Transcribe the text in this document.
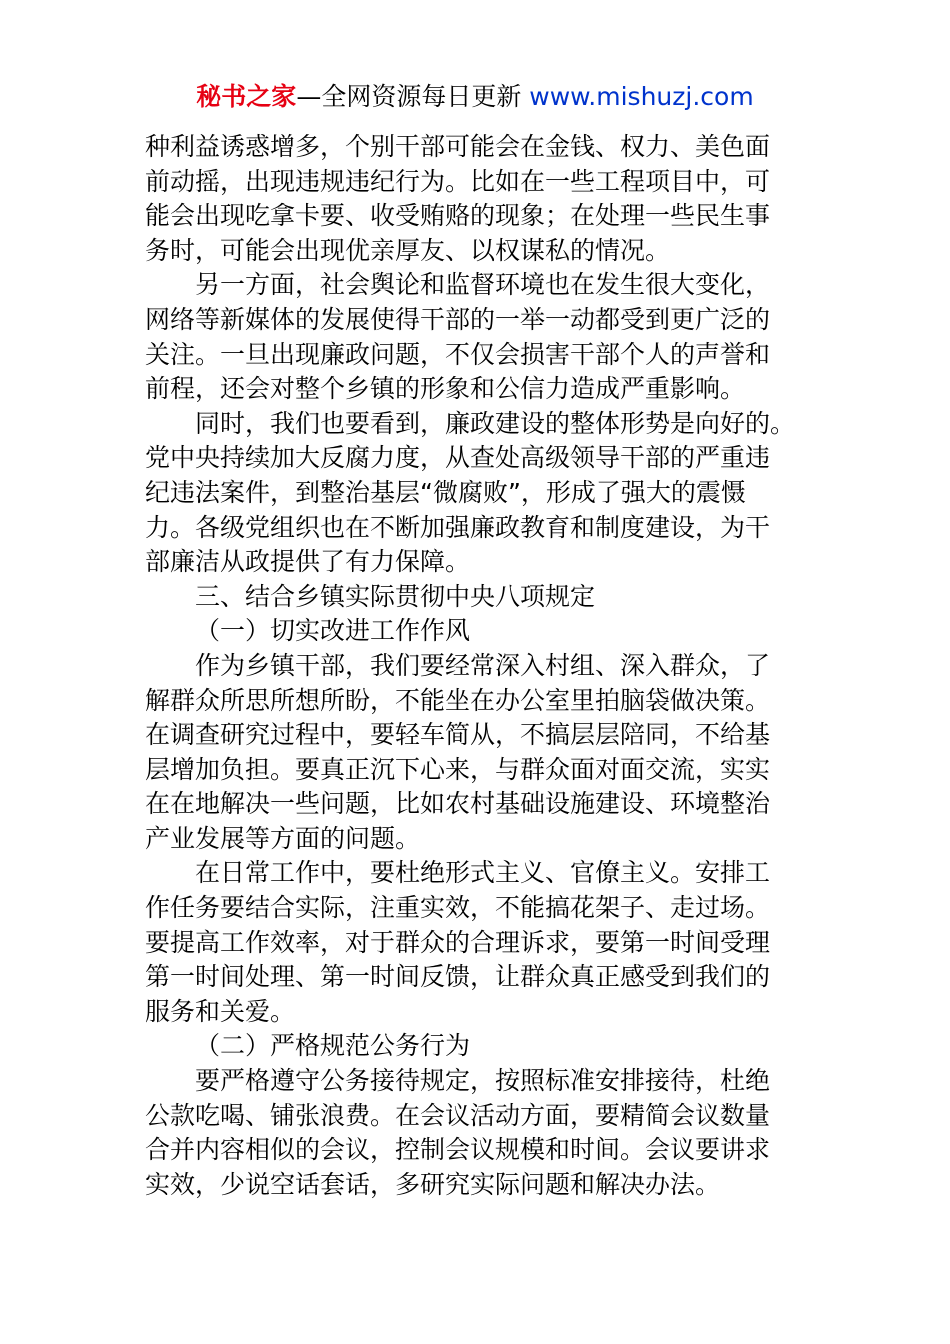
秘书之家—全网资源每日更新 www.mishuzj.com
种利益诱惑增多，个别干部可能会在金钱、权力、美色面
前动摇，出现违规违纪行为。比如在一些工程项目中，可
能会出现吃拿卡要、收受贿赂的现象；在处理一些民生事
务时，可能会出现优亲厚友、以权谋私的情况。
另一方面，社会舆论和监督环境也在发生很大变化，
网络等新媒体的发展使得干部的一举一动都受到更广泛的
关注。一旦出现廉政问题，不仅会损害干部个人的声誉和
前程，还会对整个乡镇的形象和公信力造成严重影响。
同时，我们也要看到，廉政建设的整体形势是向好的。
党中央持续加大反腐力度，从查处高级领导干部的严重违
纪违法案件，到整治基层“微腐败”，形成了强大的震慑
力。各级党组织也在不断加强廉政教育和制度建设，为干
部廉洁从政提供了有力保障。
三、结合乡镇实际贯彻中央八项规定
（一）切实改进工作作风
作为乡镇干部，我们要经常深入村组、深入群众，了
解群众所思所想所盼，不能坐在办公室里拍脑袋做决策。
在调查研究过程中，要轻车简从，不搞层层陪同，不给基
层增加负担。要真正沉下心来，与群众面对面交流，实实
在在地解决一些问题，比如农村基础设施建设、环境整治
产业发展等方面的问题。
在日常工作中，要杜绝形式主义、官僚主义。安排工
作任务要结合实际，注重实效，不能搞花架子、走过场。
要提高工作效率，对于群众的合理诉求，要第一时间受理
第一时间处理、第一时间反馈，让群众真正感受到我们的
服务和关爱。
（二）严格规范公务行为
要严格遵守公务接待规定，按照标准安排接待，杜绝
公款吃喝、铺张浪费。在会议活动方面，要精简会议数量
合并内容相似的会议，控制会议规模和时间。会议要讲求
实效，少说空话套话，多研究实际问题和解决办法。
